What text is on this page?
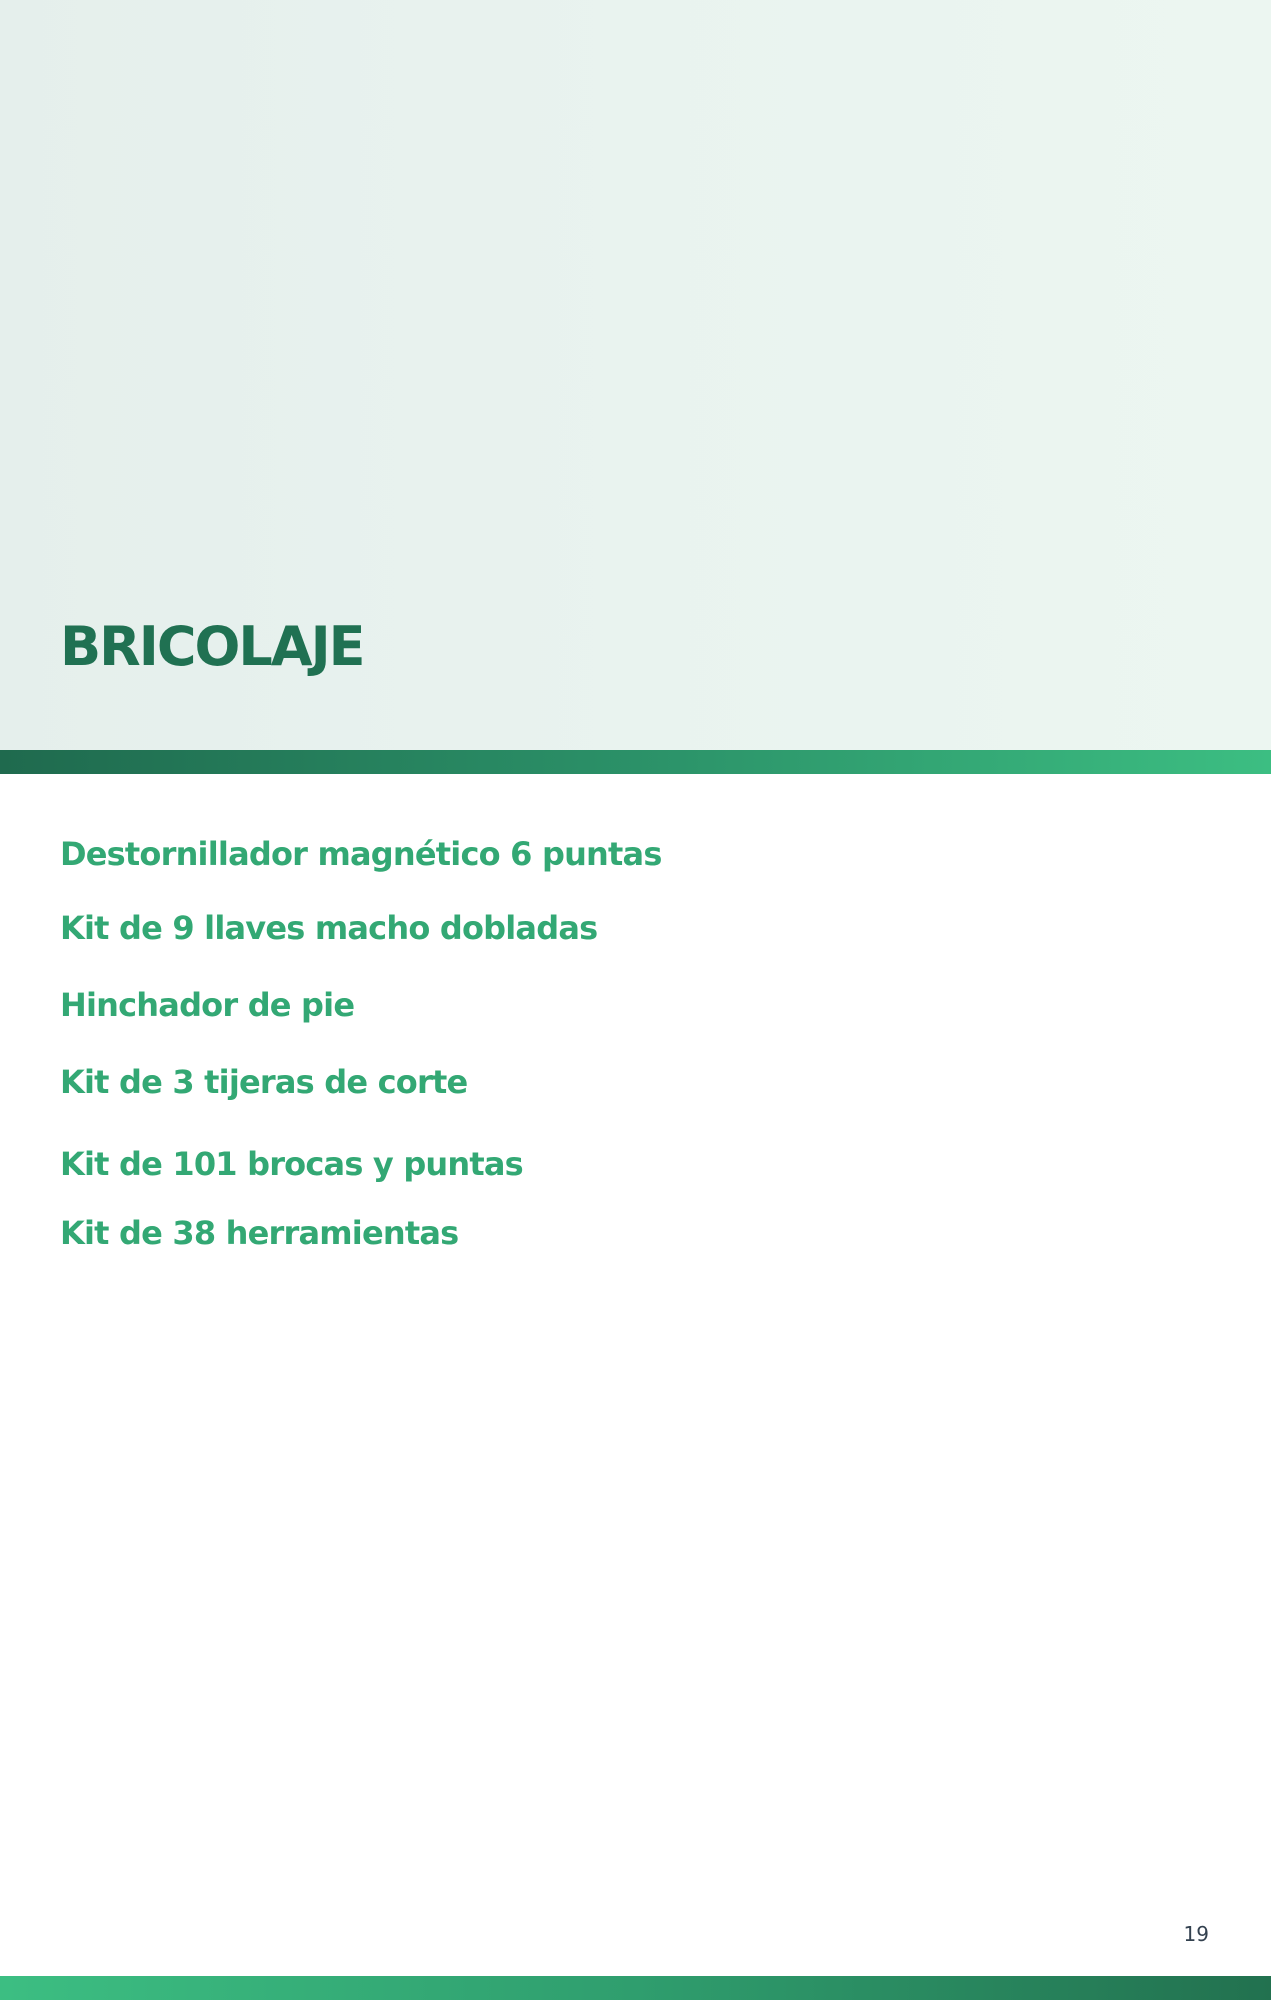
BRICOLAJE
Destornillador magnético 6 puntas
Kit de 9 llaves macho dobladas
Hinchador de pie
Kit de 3 tijeras de corte
Kit de 101 brocas y puntas
Kit de 38 herramientas
19
